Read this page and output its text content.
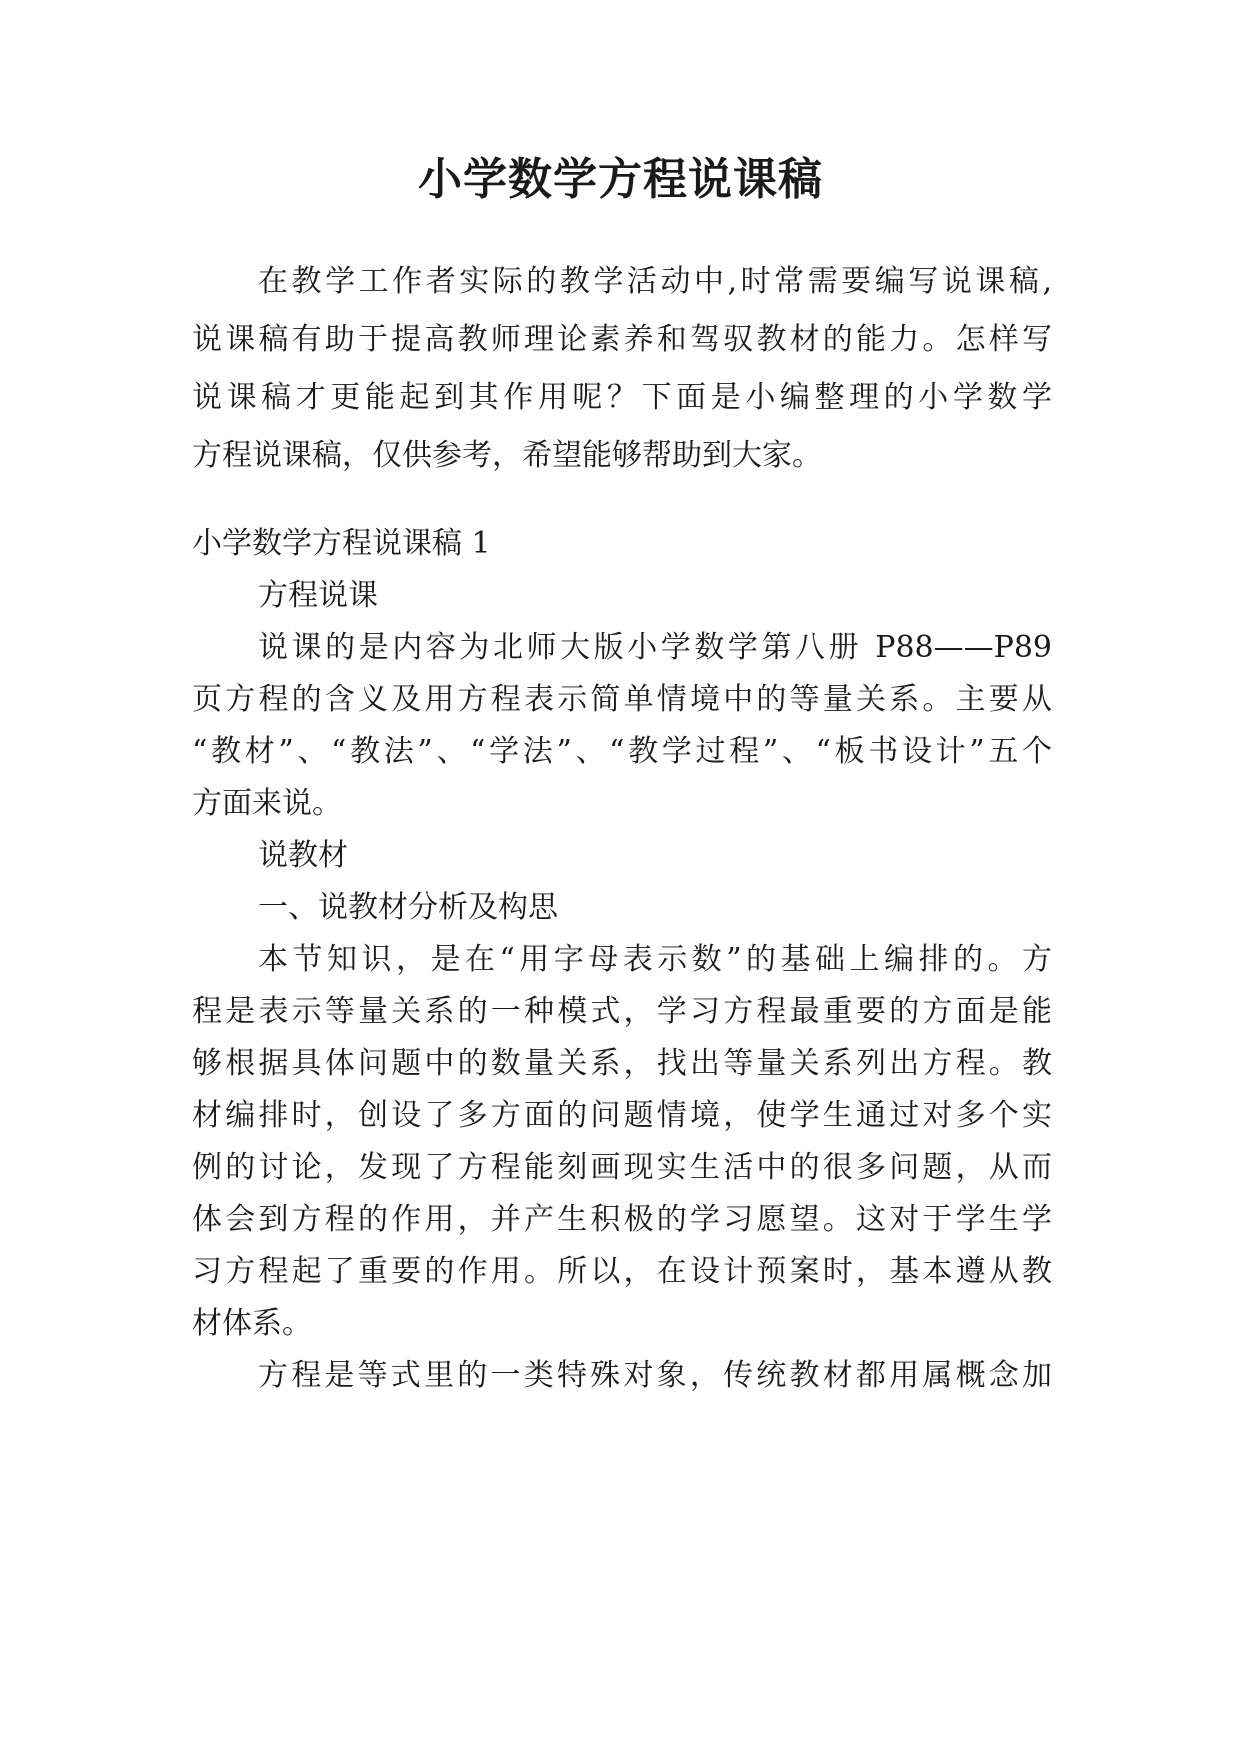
小学数学方程说课稿

在教学工作者实际的教学活动中,时常需要编写说课稿,

说课稿有助于提高教师理论素养和驾驭教材的能力。怎样写

说课稿才更能起到其作用呢？下面是小编整理的小学数学

方程说课稿，仅供参考，希望能够帮助到大家。

小学数学方程说课稿 1

方程说课

说课的是内容为北师大版小学数学第八册 P88——P89

页方程的含义及用方程表示简单情境中的等量关系。主要从

“教材”、“教法”、“学法”、“教学过程”、“板书设计”五个

方面来说。

说教材

一、说教材分析及构思

本节知识，是在“用字母表示数”的基础上编排的。方

程是表示等量关系的一种模式，学习方程最重要的方面是能

够根据具体问题中的数量关系，找出等量关系列出方程。教

材编排时，创设了多方面的问题情境，使学生通过对多个实

例的讨论，发现了方程能刻画现实生活中的很多问题，从而

体会到方程的作用，并产生积极的学习愿望。这对于学生学

习方程起了重要的作用。所以，在设计预案时，基本遵从教

材体系。

方程是等式里的一类特殊对象，传统教材都用属概念加
